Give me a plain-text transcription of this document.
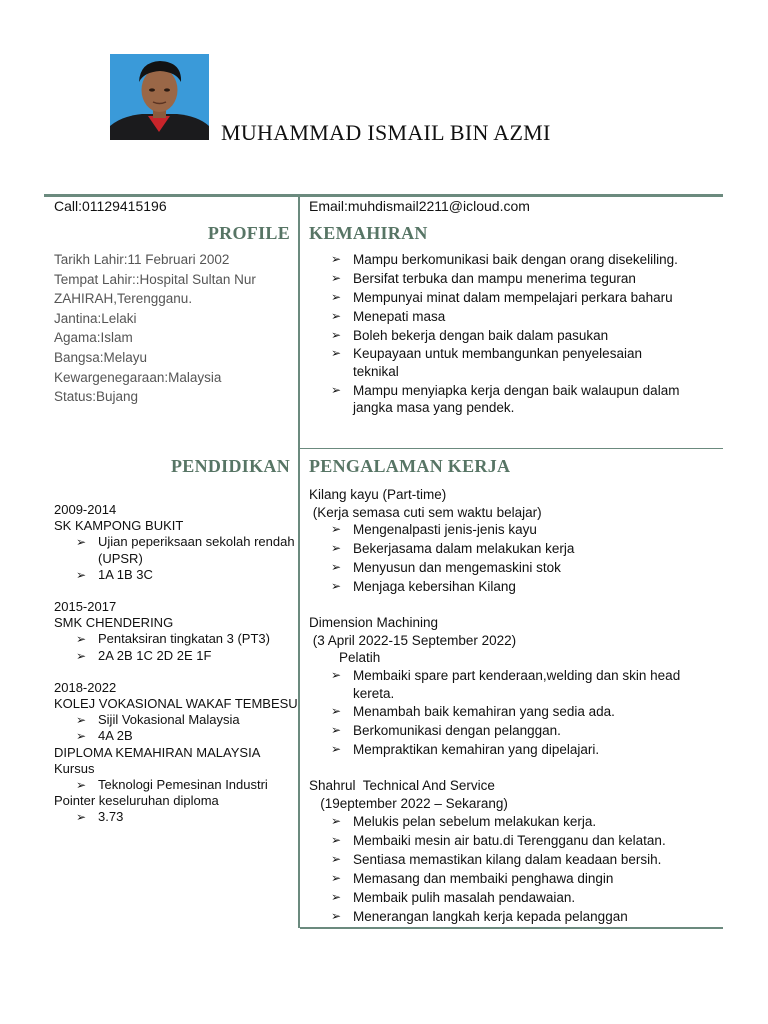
MUHAMMAD ISMAIL BIN AZMI
Call:01129415196	Email:muhdismail2211@icloud.com
PROFILE KEMAHIRAN
PENDIDIKAN PENGALAMAN KERJA
Tarikh Lahir:11 Februari 2002
Tempat Lahir::Hospital Sultan Nur
ZAHIRAH,Terengganu.
Jantina:Lelaki
Agama:Islam
Bangsa:Melayu
Kewargenegaraan:Malaysia
Status:Bujang
➢ Mampu berkomunikasi baik dengan orang disekeliling.
➢ Bersifat terbuka dan mampu menerima teguran
➢ Mempunyai minat dalam mempelajari perkara baharu
➢ Menepati masa
➢ Boleh bekerja dengan baik dalam pasukan
➢ Keupayaan untuk membangunkan penyelesaian teknikal
➢ Mampu menyiapka kerja dengan baik walaupun dalam jangka masa yang pendek.
2009-2014
SK KAMPONG BUKIT
➢ Ujian peperiksaan sekolah rendah (UPSR)
➢ 1A 1B 3C
2015-2017
SMK CHENDERING
➢ Pentaksiran tingkatan 3 (PT3)
➢ 2A 2B 1C 2D 2E 1F
2018-2022
KOLEJ VOKASIONAL WAKAF TEMBESU
➢ Sijil Vokasional Malaysia
➢ 4A 2B
DIPLOMA KEMAHIRAN MALAYSIA
Kursus
➢ Teknologi Pemesinan Industri
Pointer keseluruhan diploma
➢ 3.73
Kilang kayu (Part-time)
(Kerja semasa cuti sem waktu belajar)
➢ Mengenalpasti jenis-jenis kayu
➢ Bekerjasama dalam melakukan kerja
➢ Menyusun dan mengemaskini stok
➢ Menjaga kebersihan Kilang
Dimension Machining
(3 April 2022-15 September 2022)
Pelatih
➢ Membaiki spare part kenderaan,welding dan skin head kereta.
➢ Menambah baik kemahiran yang sedia ada.
➢ Berkomunikasi dengan pelanggan.
➢ Mempraktikan kemahiran yang dipelajari.
Shahrul  Technical And Service
(19eptember 2022 – Sekarang)
➢ Melukis pelan sebelum melakukan kerja.
➢ Membaiki mesin air batu.di Terengganu dan kelatan.
➢ Sentiasa memastikan kilang dalam keadaan bersih.
➢ Memasang dan membaiki penghawa dingin
➢ Membaik pulih masalah pendawaian.
➢ Menerangan langkah kerja kepada pelanggan
